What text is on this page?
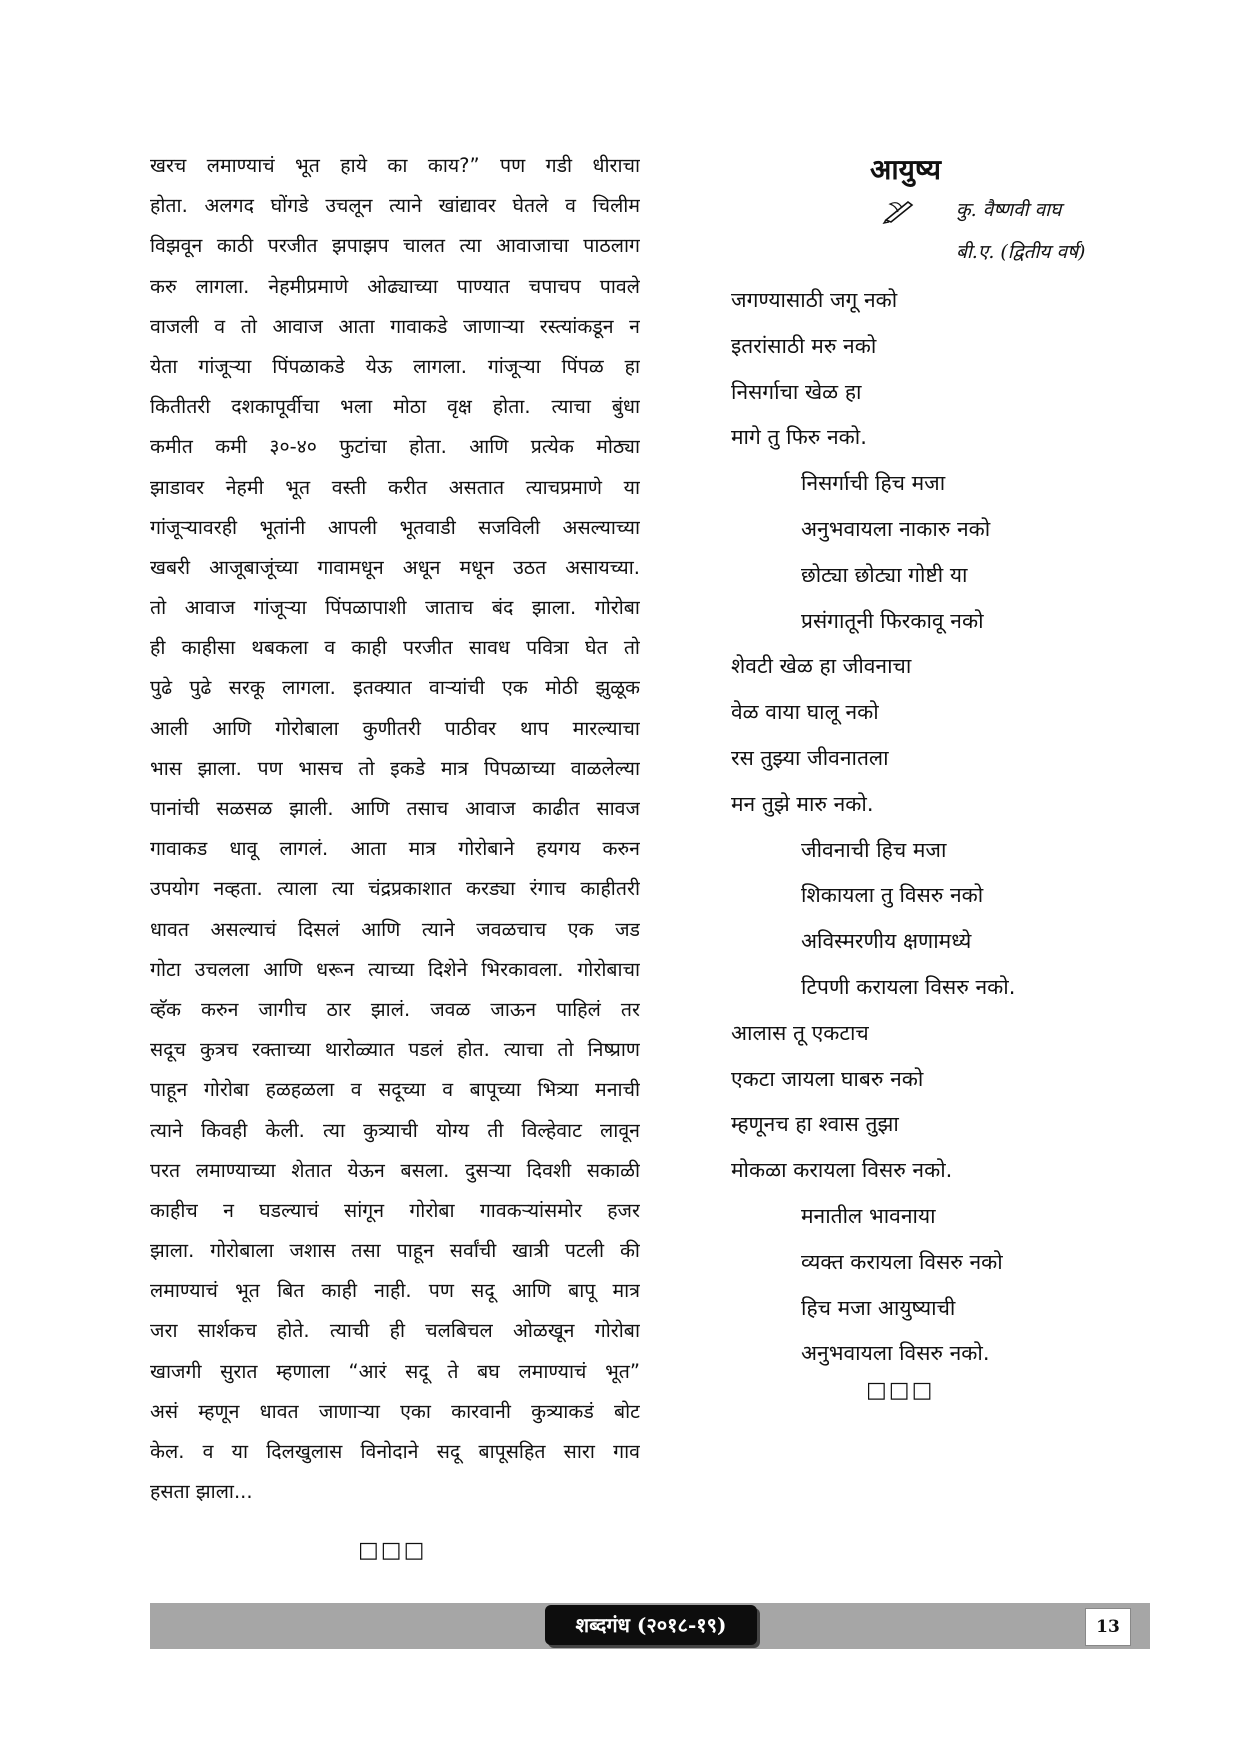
खरच लमाण्याचं भूत हाये का काय?” पण गडी धीराचा
होता. अलगद घोंगडे उचलून त्याने खांद्यावर घेतले व चिलीम
विझवून काठी परजीत झपाझप चालत त्या आवाजाचा पाठलाग
करु लागला. नेहमीप्रमाणे ओढ्याच्या पाण्यात चपाचप पावले
वाजली व तो आवाज आता गावाकडे जाणाऱ्या रस्त्यांकडून न
येता गांजूऱ्या पिंपळाकडे येऊ लागला. गांजूऱ्या पिंपळ हा
कितीतरी दशकापूर्वीचा भला मोठा वृक्ष होता. त्याचा बुंधा
कमीत कमी ३०-४० फुटांचा होता. आणि प्रत्येक मोठ्या
झाडावर नेहमी भूत वस्ती करीत असतात त्याचप्रमाणे या
गांजूऱ्यावरही भूतांनी आपली भूतवाडी सजविली असल्याच्या
खबरी आजूबाजूंच्या गावामधून अधून मधून उठत असायच्या.
तो आवाज गांजूऱ्या पिंपळापाशी जाताच बंद झाला. गोरोबा
ही काहीसा थबकला व काही परजीत सावध पवित्रा घेत तो
पुढे पुढे सरकू लागला. इतक्यात वाऱ्यांची एक मोठी झुळूक
आली आणि गोरोबाला कुणीतरी पाठीवर थाप मारल्याचा
भास झाला. पण भासच तो इकडे मात्र पिपळाच्या वाळलेल्या
पानांची सळसळ झाली. आणि तसाच आवाज काढीत सावज
गावाकड धावू लागलं. आता मात्र गोरोबाने हयगय करुन
उपयोग नव्हता. त्याला त्या चंद्रप्रकाशात करड्या रंगाच काहीतरी
धावत असल्याचं दिसलं आणि त्याने जवळचाच एक जड
गोटा उचलला आणि धरून त्याच्या दिशेने भिरकावला. गोरोबाचा
व्हॅक करुन जागीच ठार झालं. जवळ जाऊन पाहिलं तर
सदूच कुत्रच रक्ताच्या थारोळ्यात पडलं होत. त्याचा तो निष्प्राण
पाहून गोरोबा हळहळला व सदूच्या व बापूच्या भित्र्या मनाची
त्याने किवही केली. त्या कुत्र्याची योग्य ती विल्हेवाट लावून
परत लमाण्याच्या शेतात येऊन बसला. दुसऱ्या दिवशी सकाळी
काहीच न घडल्याचं सांगून गोरोबा गावकऱ्यांसमोर हजर
झाला. गोरोबाला जशास तसा पाहून सर्वांची खात्री पटली की
लमाण्याचं भूत बित काही नाही. पण सदू आणि बापू मात्र
जरा सार्शकच होते. त्याची ही चलबिचल ओळखून गोरोबा
खाजगी सुरात म्हणाला “आरं सदू ते बघ लमाण्याचं भूत”
असं म्हणून धावत जाणाऱ्या एका कारवानी कुत्र्याकडं बोट
केल. व या दिलखुलास विनोदाने सदू बापूसहित सारा गाव
हसता झाला...
□□□
आयुष्य
कु. वैष्णवी वाघ
बी.ए. (द्वितीय वर्ष)
जगण्यासाठी जगू नको
इतरांसाठी मरु नको
निसर्गाचा खेळ हा
मागे तु फिरु नको.
निसर्गाची हिच मजा
अनुभवायला नाकारु नको
छोट्या छोट्या गोष्टी या
प्रसंगातूनी फिरकावू नको
शेवटी खेळ हा जीवनाचा
वेळ वाया घालू नको
रस तुझ्या जीवनातला
मन तुझे मारु नको.
जीवनाची हिच मजा
शिकायला तु विसरु नको
अविस्मरणीय क्षणामध्ये
टिपणी करायला विसरु नको.
आलास तू एकटाच
एकटा जायला घाबरु नको
म्हणूनच हा श्वास तुझा
मोकळा करायला विसरु नको.
मनातील भावनाया
व्यक्त करायला विसरु नको
हिच मजा आयुष्याची
अनुभवायला विसरु नको.
□□□
शब्दगंध (२०१८-१९)	13
